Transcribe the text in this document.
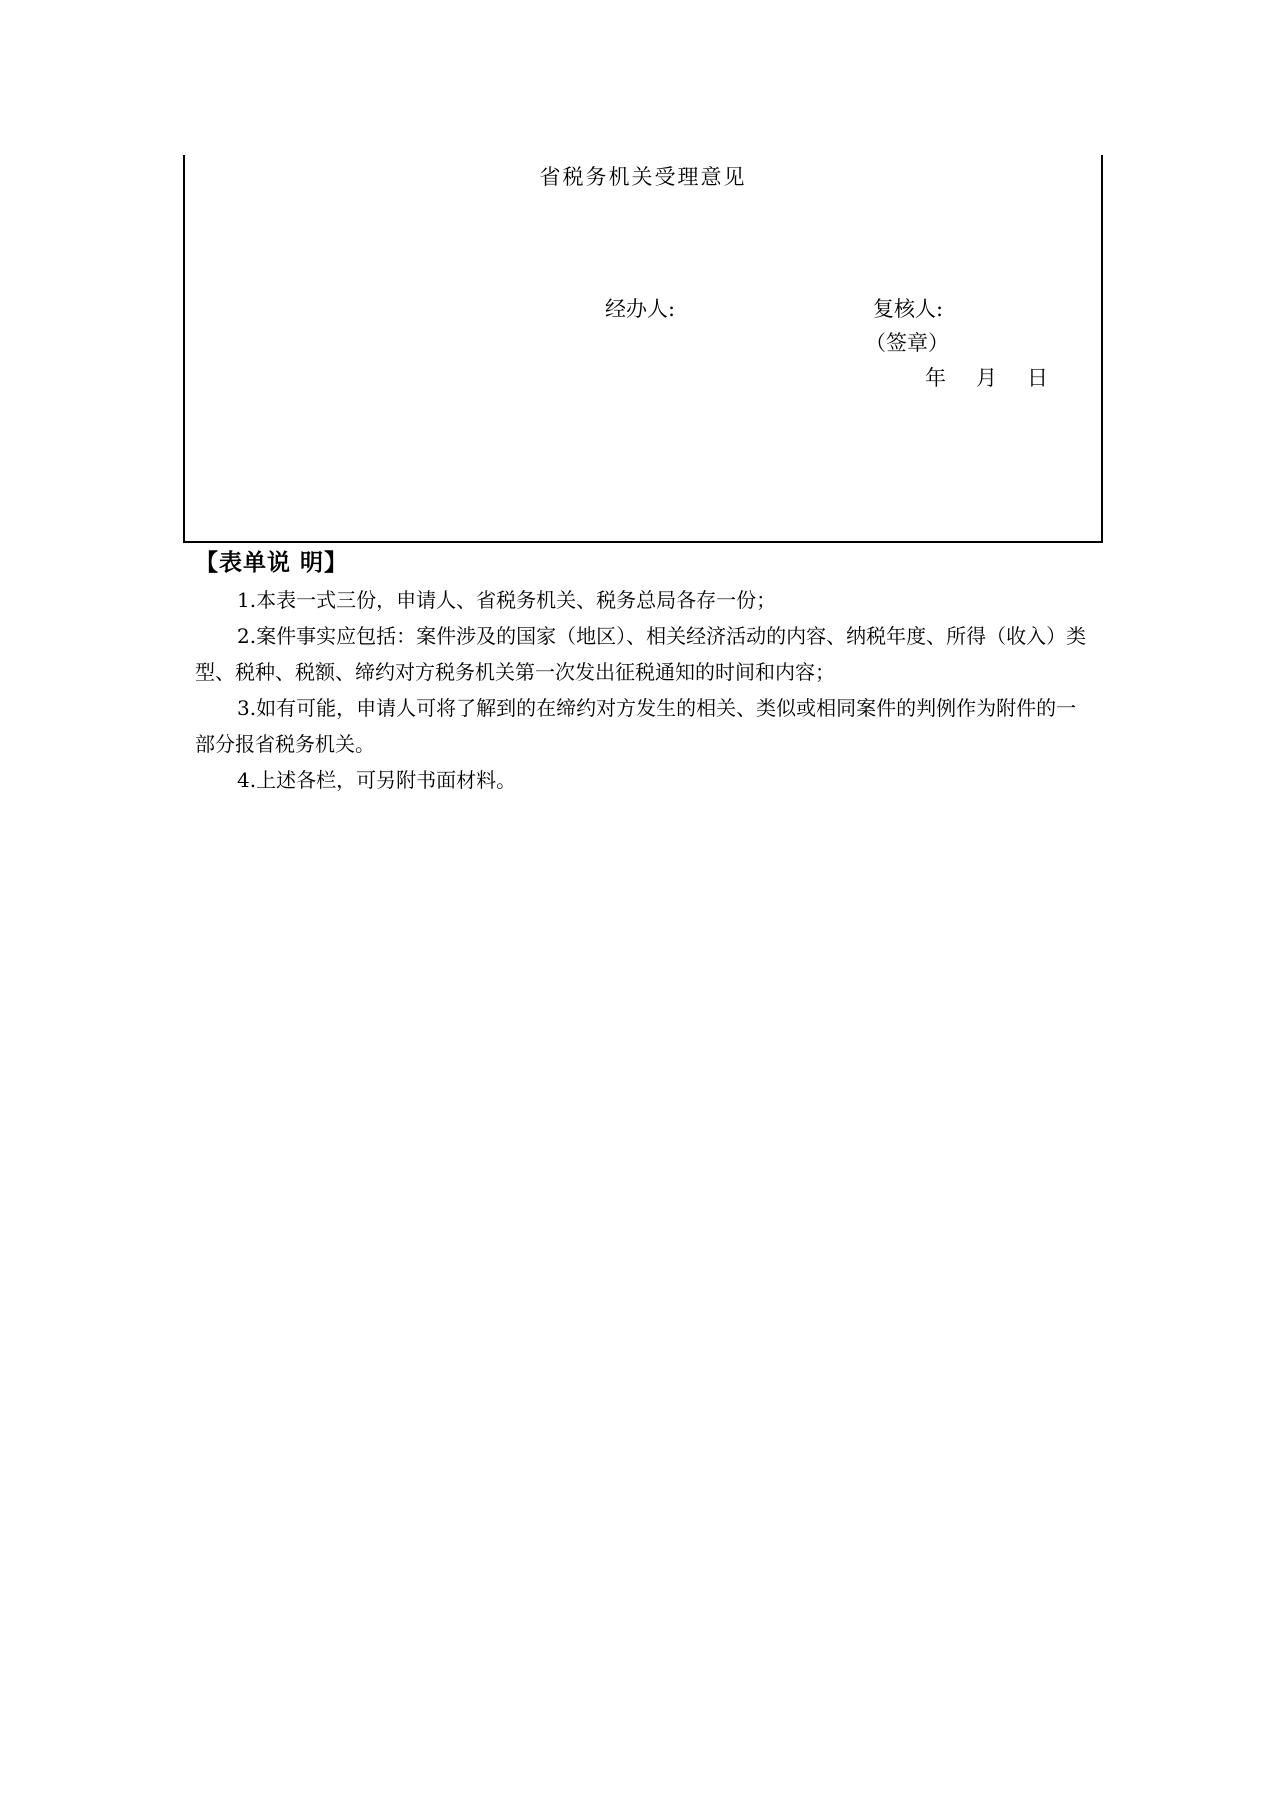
省税务机关受理意见
经办人:	复核人:
（签章）
年 月 日
【表单说 明】

1.本表一式三份，申请人、省税务机关、税务总局各存一份；

2.案件事实应包括：案件涉及的国家（地区）、相关经济活动的内容、纳税年度、所得（收入）类型、税种、税额、缔约对方税务机关第一次发出征税通知的时间和内容；

3.如有可能，申请人可将了解到的在缔约对方发生的相关、类似或相同案件的判例作为附件的一部分报省税务机关。

4.上述各栏，可另附书面材料。
